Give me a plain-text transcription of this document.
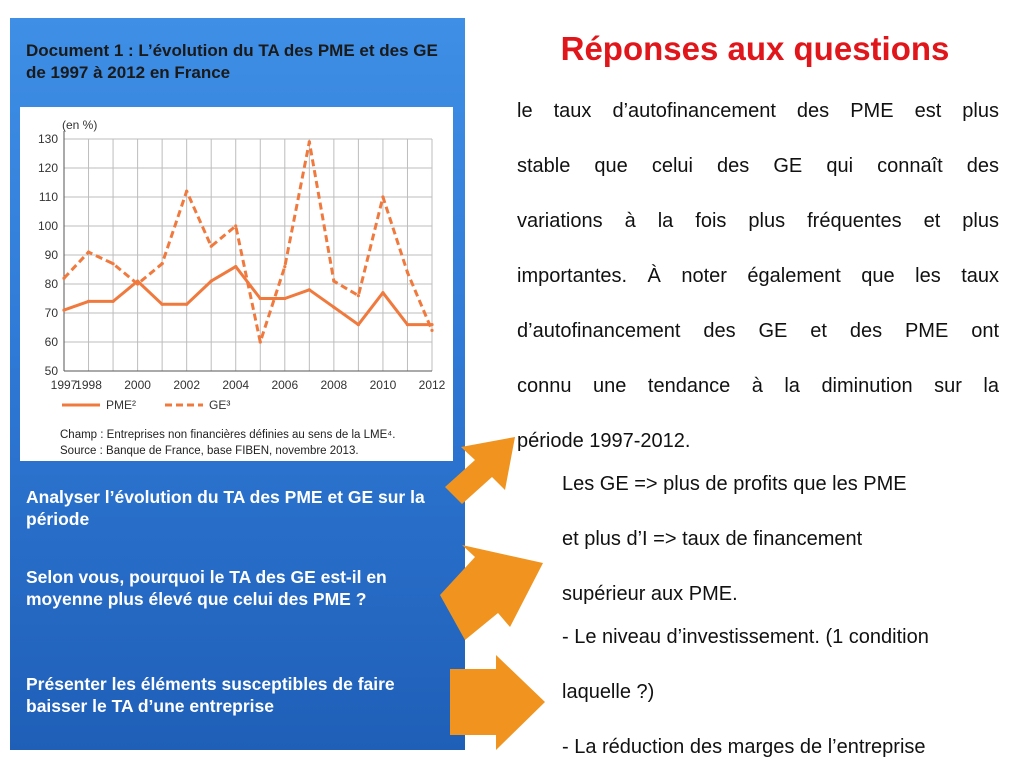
Document 1 : L’évolution du TA des PME et des GE de 1997 à 2012 en France
50
60
70
80
90
100
110
120
130
1997
1998 2000 2002 2004 2006 2008 2010 2012
PME²	GE³
(en %)
Champ : Entreprises non financières définies au sens de la LME⁴.
Source : Banque de France, base FIBEN, novembre 2013.
Analyser l’évolution du TA des PME et GE sur la période
Selon vous, pourquoi le TA des GE est-il en moyenne plus élevé que celui des PME ?
Présenter les éléments susceptibles de faire baisser le TA d’une entreprise
Réponses aux questions
le taux d’autofinancement des PME est plus
stable que celui des GE qui connaît des
variations à la fois plus fréquentes et plus
importantes. À noter également que les taux
d’autofinancement des GE et des PME ont
connu une tendance à la diminution sur la
période 1997-2012.
Les GE => plus de profits que les PME
et plus d’I => taux de financement
supérieur aux PME.
- Le niveau d’investissement. (1 condition
laquelle ?)
- La réduction des marges de l’entreprise
